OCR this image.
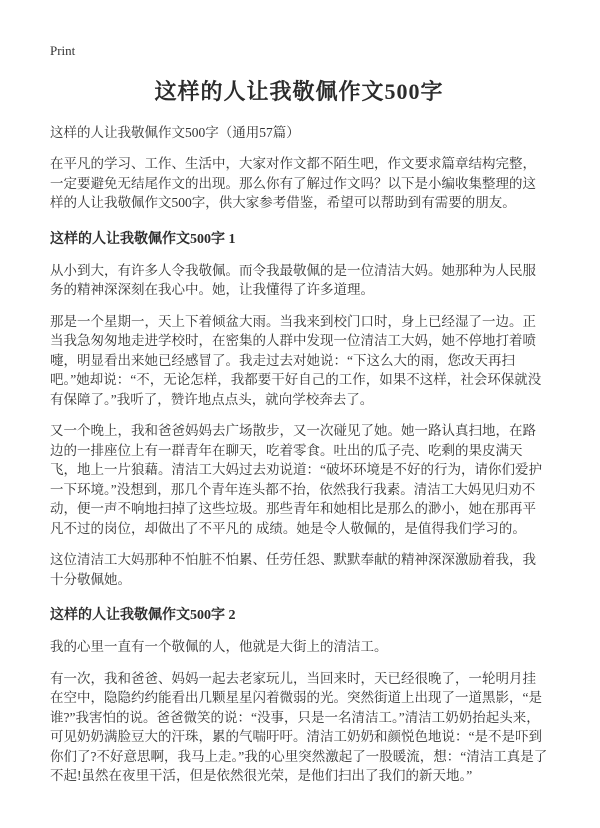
Print
这样的人让我敬佩作文500字

这样的人让我敬佩作文500字（通用57篇）

在平凡的学习、工作、生活中，大家对作文都不陌生吧，作文要求篇章结构完整，一定要避免无结尾作文的出现。那么你有了解过作文吗？以下是小编收集整理的这样的人让我敬佩作文500字，供大家参考借鉴，希望可以帮助到有需要的朋友。

这样的人让我敬佩作文500字 1

从小到大，有许多人令我敬佩。而令我最敬佩的是一位清洁大妈。她那种为人民服务的精神深深刻在我心中。她，让我懂得了许多道理。

那是一个星期一，天上下着倾盆大雨。当我来到校门口时，身上已经湿了一边。正当我急匆匆地走进学校时，在密集的人群中发现一位清洁工大妈，她不停地打着喷嚏，明显看出来她已经感冒了。我走过去对她说：“下这么大的雨，您改天再扫吧。”她却说：“不，无论怎样，我都要干好自己的工作，如果不这样，社会环保就没有保障了。”我听了，赞许地点点头，就向学校奔去了。

又一个晚上，我和爸爸妈妈去广场散步，又一次碰见了她。她一路认真扫地，在路边的一排座位上有一群青年在聊天，吃着零食。吐出的瓜子壳、吃剩的果皮满天飞，地上一片狼藉。清洁工大妈过去劝说道：“破坏环境是不好的行为，请你们爱护一下环境。”没想到，那几个青年连头都不抬，依然我行我素。清洁工大妈见归劝不动，便一声不响地扫掉了这些垃圾。那些青年和她相比是那么的渺小，她在那再平凡不过的岗位，却做出了不平凡的 成绩。她是令人敬佩的，是值得我们学习的。

这位清洁工大妈那种不怕脏不怕累、任劳任怨、默默奉献的精神深深激励着我，我十分敬佩她。

这样的人让我敬佩作文500字 2

我的心里一直有一个敬佩的人，他就是大街上的清洁工。

有一次，我和爸爸、妈妈一起去老家玩儿，当回来时，天已经很晚了，一轮明月挂在空中，隐隐约约能看出几颗星星闪着微弱的光。突然街道上出现了一道黑影，“是谁?”我害怕的说。爸爸微笑的说：“没事，只是一名清洁工。”清洁工奶奶抬起头来，可见奶奶满脸豆大的汗珠，累的气喘吁吁。清洁工奶奶和颜悦色地说：“是不是吓到你们了?不好意思啊，我马上走。”我的心里突然激起了一股暖流，想：“清洁工真是了不起!虽然在夜里干活，但是依然很光荣，是他们扫出了我们的新天地。”
